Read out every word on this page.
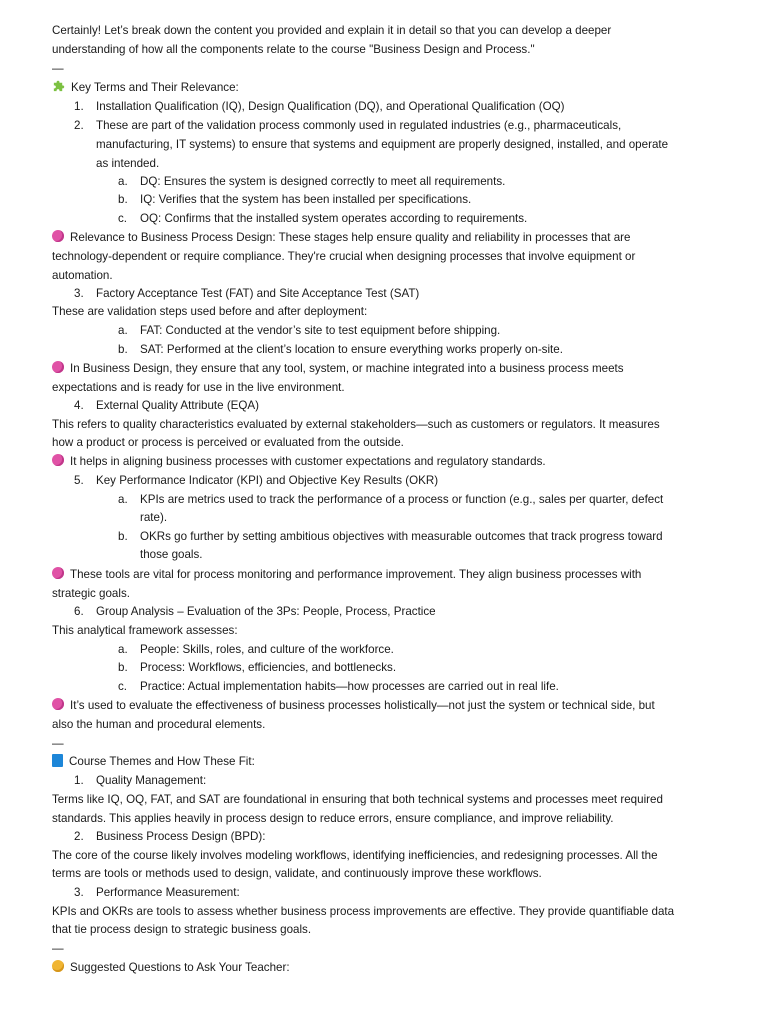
Certainly! Let’s break down the content you provided and explain it in detail so that you can develop a deeper
understanding of how all the components relate to the course "Business Design and Process."
—
Key Terms and Their Relevance:
1. Installation Qualification (IQ), Design Qualification (DQ), and Operational Qualification (OQ)
2. These are part of the validation process commonly used in regulated industries (e.g., pharmaceuticals,
manufacturing, IT systems) to ensure that systems and equipment are properly designed, installed, and operate
as intended.
a. DQ: Ensures the system is designed correctly to meet all requirements.
b. IQ: Verifies that the system has been installed per specifications.
c. OQ: Confirms that the installed system operates according to requirements.
Relevance to Business Process Design: These stages help ensure quality and reliability in processes that are
technology-dependent or require compliance. They're crucial when designing processes that involve equipment or
automation.
3. Factory Acceptance Test (FAT) and Site Acceptance Test (SAT)
These are validation steps used before and after deployment:
a. FAT: Conducted at the vendor’s site to test equipment before shipping.
b. SAT: Performed at the client’s location to ensure everything works properly on-site.
In Business Design, they ensure that any tool, system, or machine integrated into a business process meets
expectations and is ready for use in the live environment.
4. External Quality Attribute (EQA)
This refers to quality characteristics evaluated by external stakeholders—such as customers or regulators. It measures
how a product or process is perceived or evaluated from the outside.
It helps in aligning business processes with customer expectations and regulatory standards.
5. Key Performance Indicator (KPI) and Objective Key Results (OKR)
a. KPIs are metrics used to track the performance of a process or function (e.g., sales per quarter, defect
rate).
b. OKRs go further by setting ambitious objectives with measurable outcomes that track progress toward
those goals.
These tools are vital for process monitoring and performance improvement. They align business processes with
strategic goals.
6. Group Analysis – Evaluation of the 3Ps: People, Process, Practice
This analytical framework assesses:
a. People: Skills, roles, and culture of the workforce.
b. Process: Workflows, efficiencies, and bottlenecks.
c. Practice: Actual implementation habits—how processes are carried out in real life.
It’s used to evaluate the effectiveness of business processes holistically—not just the system or technical side, but
also the human and procedural elements.
—
Course Themes and How These Fit:
1. Quality Management:
Terms like IQ, OQ, FAT, and SAT are foundational in ensuring that both technical systems and processes meet required
standards. This applies heavily in process design to reduce errors, ensure compliance, and improve reliability.
2. Business Process Design (BPD):
The core of the course likely involves modeling workflows, identifying inefficiencies, and redesigning processes. All the
terms are tools or methods used to design, validate, and continuously improve these workflows.
3. Performance Measurement:
KPIs and OKRs are tools to assess whether business process improvements are effective. They provide quantifiable data
that tie process design to strategic business goals.
—
Suggested Questions to Ask Your Teacher:
